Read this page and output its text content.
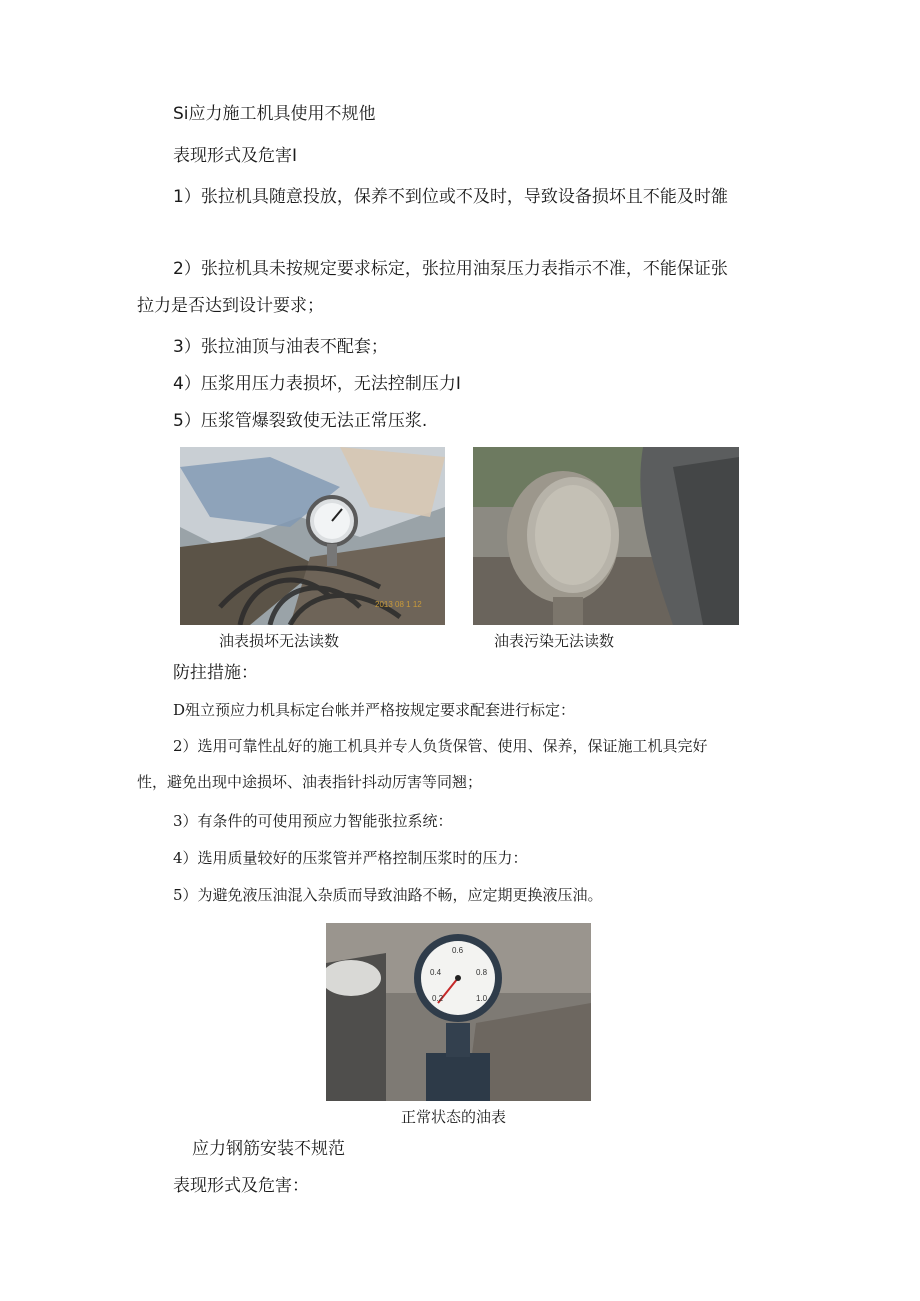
Si应力施工机具使用不规他
表现形式及危害I
1）张拉机具随意投放，保养不到位或不及时，导致设备损坏且不能及时雒
2）张拉机具未按规定要求标定，张拉用油泵压力表指示不准，不能保证张
拉力是否达到设计要求；
3）张拉油顶与油表不配套；
4）压浆用压力表损坏，无法控制压力I
5）压浆管爆裂致使无法正常压浆.
2013 08 1 12
油表损坏无法读数	油表污染无法读数
防拄措施：
D殂立预应力机具标定台帐并严格按规定要求配套进行标定：
2）选用可靠性乩好的施工机具并专人负货保管、使用、保养，保证施工机具完好
性，避免出现中途损坏、油表指针抖动厉害等同翘；
3）有条件的可使用预应力智能张拉系统：
4）选用质量较好的压浆管并严格控制压浆时的压力：
5）为避免液压油混入杂质而导致油路不畅，应定期更换液压油。
0.4
0.6
0.8
0.2	1.0
正常状态的油表
应力钢筋安装不规范
表现形式及危害：
